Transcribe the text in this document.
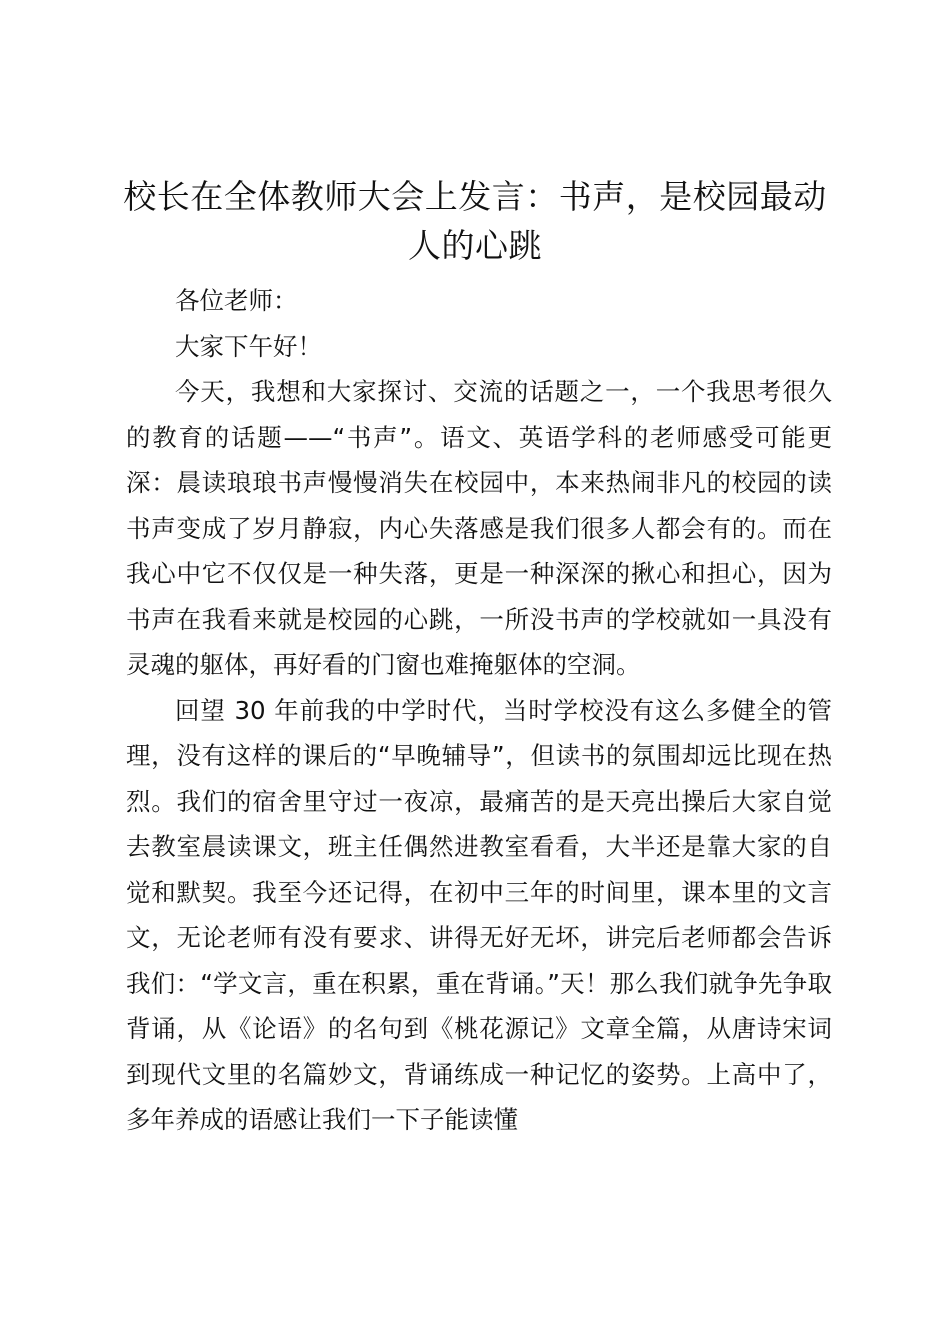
校长在全体教师大会上发言：书声，是校园最动人的心跳

各位老师：

大家下午好！

今天，我想和大家探讨、交流的话题之一，一个我思考很久的教育的话题——“书声”。语文、英语学科的老师感受可能更深：晨读琅琅书声慢慢消失在校园中，本来热闹非凡的校园的读书声变成了岁月静寂，内心失落感是我们很多人都会有的。而在我心中它不仅仅是一种失落，更是一种深深的揪心和担心，因为书声在我看来就是校园的心跳，一所没书声的学校就如一具没有灵魂的躯体，再好看的门窗也难掩躯体的空洞。

回望 30 年前我的中学时代，当时学校没有这么多健全的管理，没有这样的课后的“早晚辅导”，但读书的氛围却远比现在热烈。我们的宿舍里守过一夜凉，最痛苦的是天亮出操后大家自觉去教室晨读课文，班主任偶然进教室看看，大半还是靠大家的自觉和默契。我至今还记得，在初中三年的时间里，课本里的文言文，无论老师有没有要求、讲得无好无坏，讲完后老师都会告诉我们：“学文言，重在积累，重在背诵。”天！那么我们就争先争取背诵，从《论语》的名句到《桃花源记》文章全篇，从唐诗宋词到现代文里的名篇妙文，背诵练成一种记忆的姿势。上高中了，多年养成的语感让我们一下子能读懂
